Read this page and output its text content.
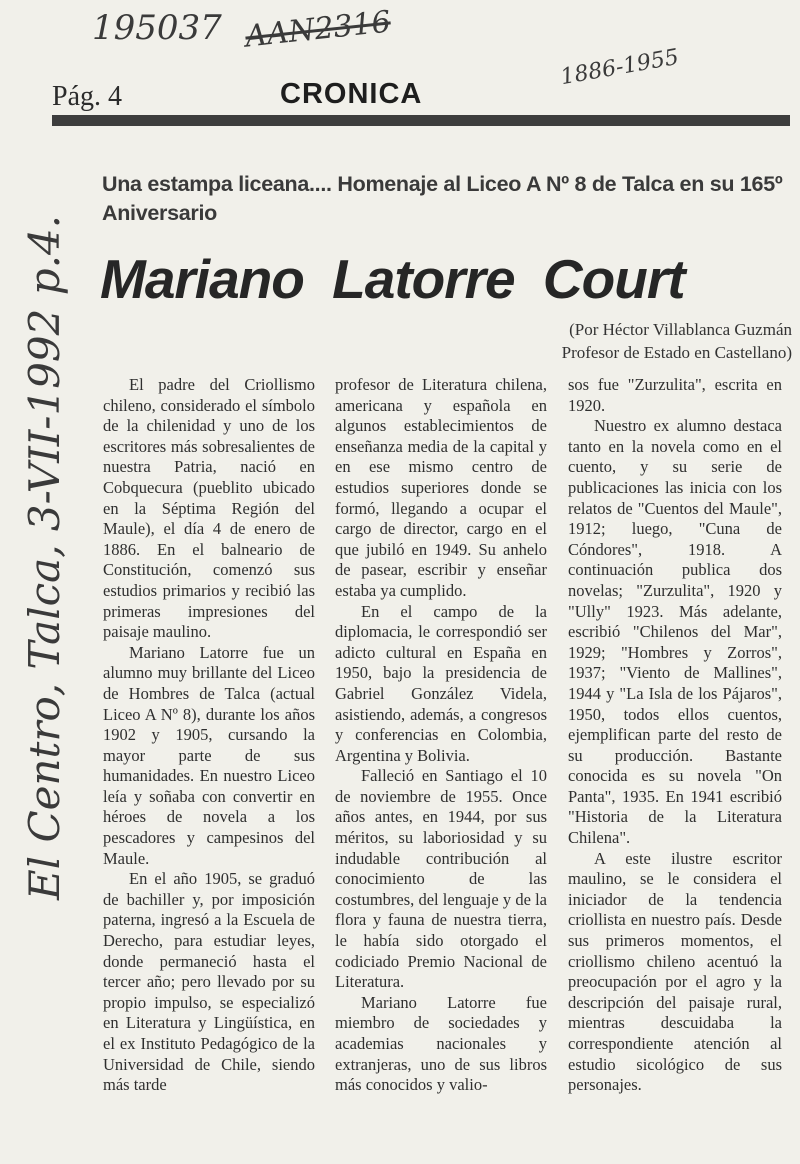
195037 AAN2316
1886-1955
El Centro, Talca, 3-VII-1992 p.4.
Pág. 4	CRONICA
Una estampa liceana.... Homenaje al Liceo A Nº 8 de Talca en su 165º Aniversario
Mariano Latorre Court
(Por Héctor Villablanca Guzmán
Profesor de Estado en Castellano)

El padre del Criollismo chileno, considerado el símbolo de la chilenidad y uno de los escritores más sobresalientes de nuestra Patria, nació en Cobquecura (pueblito ubicado en la Séptima Región del Maule), el día 4 de enero de 1886. En el balneario de Constitución, comenzó sus estudios primarios y recibió las primeras impresiones del paisaje maulino.

Mariano Latorre fue un alumno muy brillante del Liceo de Hombres de Talca (actual Liceo A Nº 8), durante los años 1902 y 1905, cursando la mayor parte de sus humanidades. En nuestro Liceo leía y soñaba con convertir en héroes de novela a los pescadores y campesinos del Maule.

En el año 1905, se graduó de bachiller y, por imposición paterna, ingresó a la Escuela de Derecho, para estudiar leyes, donde permaneció hasta el tercer año; pero llevado por su propio impulso, se especializó en Literatura y Lingüística, en el ex Instituto Pedagógico de la Universidad de Chile, siendo más tarde

profesor de Literatura chilena, americana y española en algunos establecimientos de enseñanza media de la capital y en ese mismo centro de estudios superiores donde se formó, llegando a ocupar el cargo de director, cargo en el que jubiló en 1949. Su anhelo de pasear, escribir y enseñar estaba ya cumplido.

En el campo de la diplomacia, le correspondió ser adicto cultural en España en 1950, bajo la presidencia de Gabriel González Videla, asistiendo, además, a congresos y conferencias en Colombia, Argentina y Bolivia.

Falleció en Santiago el 10 de noviembre de 1955. Once años antes, en 1944, por sus méritos, su laboriosidad y su indudable contribución al conocimiento de las costumbres, del lenguaje y de la flora y fauna de nuestra tierra, le había sido otorgado el codiciado Premio Nacional de Literatura.

Mariano Latorre fue miembro de sociedades y academias nacionales y extranjeras, uno de sus libros más conocidos y valio-

sos fue "Zurzulita", escrita en 1920.

Nuestro ex alumno destaca tanto en la novela como en el cuento, y su serie de publicaciones las inicia con los relatos de "Cuentos del Maule", 1912; luego, "Cuna de Cóndores", 1918. A continuación publica dos novelas; "Zurzulita", 1920 y "Ully" 1923. Más adelante, escribió "Chilenos del Mar", 1929; "Hombres y Zorros", 1937; "Viento de Mallines", 1944 y "La Isla de los Pájaros", 1950, todos ellos cuentos, ejemplifican parte del resto de su producción. Bastante conocida es su novela "On Panta", 1935. En 1941 escribió "Historia de la Literatura Chilena".

A este ilustre escritor maulino, se le considera el iniciador de la tendencia criollista en nuestro país. Desde sus primeros momentos, el criollismo chileno acentuó la preocupación por el agro y la descripción del paisaje rural, mientras descuidaba la correspondiente atención al estudio sicológico de sus personajes.
